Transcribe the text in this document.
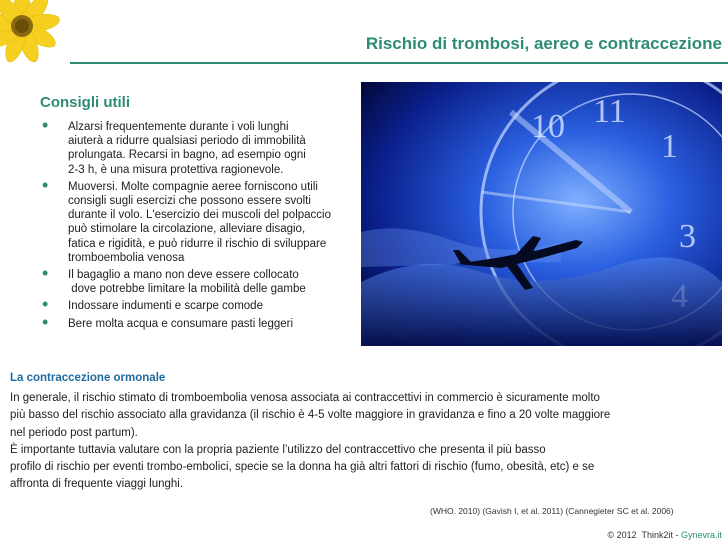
Rischio di trombosi, aereo e contraccezione
Consigli utili
• Alzarsi frequentemente durante i voli lunghi
aiuterà a ridurre qualsiasi periodo di immobilità
prolungata. Recarsi in bagno, ad esempio ogni
2-3 h, è una misura protettiva ragionevole.
• Muoversi. Molte compagnie aeree forniscono utili
consigli sugli esercizi che possono essere svolti
durante il volo. L'esercizio dei muscoli del polpaccio
può stimolare la circolazione, alleviare disagio,
fatica e rigidità, e può ridurre il rischio di sviluppare
tromboembolia venosa
• Il bagaglio a mano non deve essere collocato
dove potrebbe limitare la mobilità delle gambe
• Indossare indumenti e scarpe comode
• Bere molta acqua e consumare pasti leggeri
10 11
1
3
La contraccezione ormonale
In generale, il rischio stimato di tromboembolia venosa associata ai contraccettivi in commercio è sicuramente molto
più basso del rischio associato alla gravidanza (il rischio è 4-5 volte maggiore in gravidanza e fino a 20 volte maggiore
nel periodo post partum).
È importante tuttavia valutare con la propria paziente l’utilizzo del contraccettivo che presenta il più basso
profilo di rischio per eventi trombo-embolici, specie se la donna ha già altri fattori di rischio (fumo, obesità, etc) e se
affronta di frequente viaggi lunghi.
(WHO. 2010) (Gavish I, et al. 2011) (Cannegieter SC et al. 2006)
© 2012  Think2it - Gynevra.it
